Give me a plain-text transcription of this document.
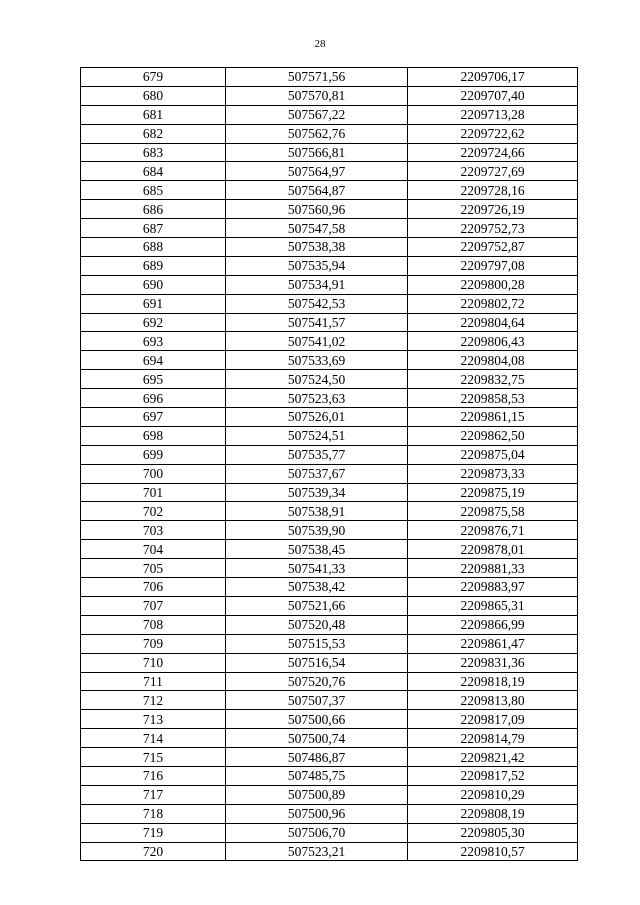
28
679	507571,56	2209706,17
680	507570,81	2209707,40
681	507567,22	2209713,28
682	507562,76	2209722,62
683	507566,81	2209724,66
684	507564,97	2209727,69
685	507564,87	2209728,16
686	507560,96	2209726,19
687	507547,58	2209752,73
688	507538,38	2209752,87
689	507535,94	2209797,08
690	507534,91	2209800,28
691	507542,53	2209802,72
692	507541,57	2209804,64
693	507541,02	2209806,43
694	507533,69	2209804,08
695	507524,50	2209832,75
696	507523,63	2209858,53
697	507526,01	2209861,15
698	507524,51	2209862,50
699	507535,77	2209875,04
700	507537,67	2209873,33
701	507539,34	2209875,19
702	507538,91	2209875,58
703	507539,90	2209876,71
704	507538,45	2209878,01
705	507541,33	2209881,33
706	507538,42	2209883,97
707	507521,66	2209865,31
708	507520,48	2209866,99
709	507515,53	2209861,47
710	507516,54	2209831,36
711	507520,76	2209818,19
712	507507,37	2209813,80
713	507500,66	2209817,09
714	507500,74	2209814,79
715	507486,87	2209821,42
716	507485,75	2209817,52
717	507500,89	2209810,29
718	507500,96	2209808,19
719	507506,70	2209805,30
720	507523,21	2209810,57
